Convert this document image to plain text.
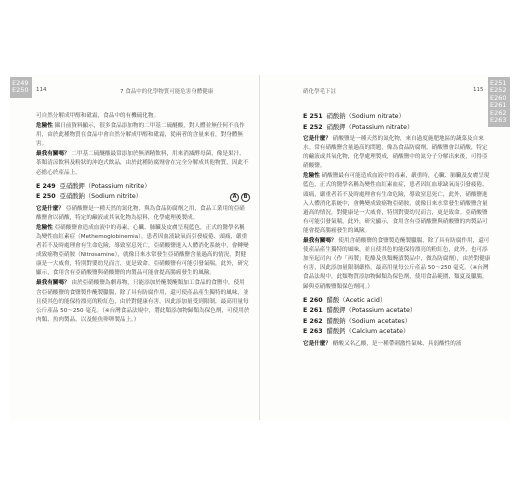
E249
E250 114	7 食品中的化學物質可能危害身體健康

可自然分解成甲醇和砒霜，食品中的有機硫化物。

危險性 攝日前資料顯示，很多食品添加物的二甲基二硫醚酸，對人體並無任何不良作用，由於此種物質在食品中會自然分解成甲醇和砒霜，從兩者的含量來看，對身體無害。

最我有關嗎？ 二甲基二硫醚酸最常添加於無酒精飲料，用來消滅酵母菌，像是果汁、茶類清涼飲料及粉狀的沖泡式飲品，由於此種防腐劑會在完全分解成其他物質，因此不必擔心於產品上。

E 249 亞硝酸鉀（Potassium nitrite）
E 250 亞硝酸鈉（Sodium nitrite）	A	B

它是什麼？ 亞硝酸鹽是一種天然的氮化物，與為食品防腐劑之用，食品工業用的亞硝酸鹽會以硝酸，特定的鹼液或其氧化物為原料，化學處理後製成。

危險性 亞硝酸鹽會造成血液中的毒素，心臟、肺臟及皮膚呈現藍色，正式的醫學名稱為變性血紅素症（Methemoglobinemia）。患者因血液缺氧而引發疲倦、頭痛，嚴重者若不及時處理會有生命危險，導致窒息死亡。亞硝酸鹽進入人體消化系統中，會轉變成致癌物亞硝胺（Nitrosamine），就像日來水常發生亞硝酸鹽含量過高的情況，對健康是一大威脅，特別對嬰幼兒而言，更是致命。亞硝酸鹽有可能引發氣喘，此外，研究顯示，食用含有亞硝酸鹽與硝酸鹽的肉製品可能會提高腸癌發生的風險。

最我有關嗎？ 由於亞硝酸鹽為劇毒物，只能添加於醃製醃類加工食品的食鹽中，使用含亞硝酸鹽的食鹽製作醃製臘腸，除了具有防腐作用，還可使產品產生獨特的風味，並且使其色的能保持漂亮的粉紅色，由於對健康有害，因此添加量受到限制，最高用量每公斤產品 50～250 毫克。（※台灣食品法規中，將此類添加物歸類為保色劑，可使用於肉類、魚肉製品，以及鮭魚卵卵製品上。）

E251
E252
E260
E261
E262
E263
硝化學毛下註	115
E 251 硝酸鈉（Sodium nitrate）
E 252 硝酸鉀（Potassium nitrate）

它是什麼？ 硝酸鹽是一種天然的氮化物，來自過度施肥地區的蔬菜及自來水。常有硝酸鹽含量過高的問題，像為食品防腐劑，硝酸鹽會以硝酸，特定的鹼液或其氧化物，化學處理製成，硝酸鹽中的氮分子分解出來後，可得亞硝酸鹽。

危險性 硝酸鹽最有可能造成血液中的毒素，嚴重時，心臟、肺臟及皮膚呈現藍色，正式的醫學名稱為變性血紅素血症，患者因紅血球缺氧而引發疲倦、頭痛，嚴重者若不及時處理會有生命危險，導致窒息死亡，此外，硝酸鹽進入人體消化系統中，會轉變成致癌物亞硝胺，就像日來水常發生硝酸鹽含量過高的情況，對健康是一大威脅，特別對嬰幼兒而言，更是致命。亞硝酸鹽有可能引發氣喘，此外，研究顯示，食用含有亞硝酸鹽與硝酸鹽的肉製品可能會提高腸癌發生的風險。

最我有關嗎？ 使用含硝酸鹽的食鹽製造醃製臘腸，除了具有防腐作用，還可使產品產生獨特的風味，並且使其色的能保持漂亮的粉紅色，此外，也可添加至起司內（作「再製」乾酪及魚類醃漬製品中，做為防腐劑），由於對健康有害，因此添加量限制嚴格，最高用量每公斤產品 50～250 毫克。（※台灣食品法規中，此類物質添加物歸類為保色劑，使用食品範圍，類夏及臘腸，歸與亞硝酸鹽類保色劑同。）

E 260 醋酸（Acetic acid）
E 261 醋酸鉀（Potassium acetate）
E 262 醋酸鈉（Sodium acetates）
E 263 醋酸鈣（Calcium acetate）

它是什麼？ 醋酸又名乙酸，是一種帶刺激性氣味、具弱酸性的液
